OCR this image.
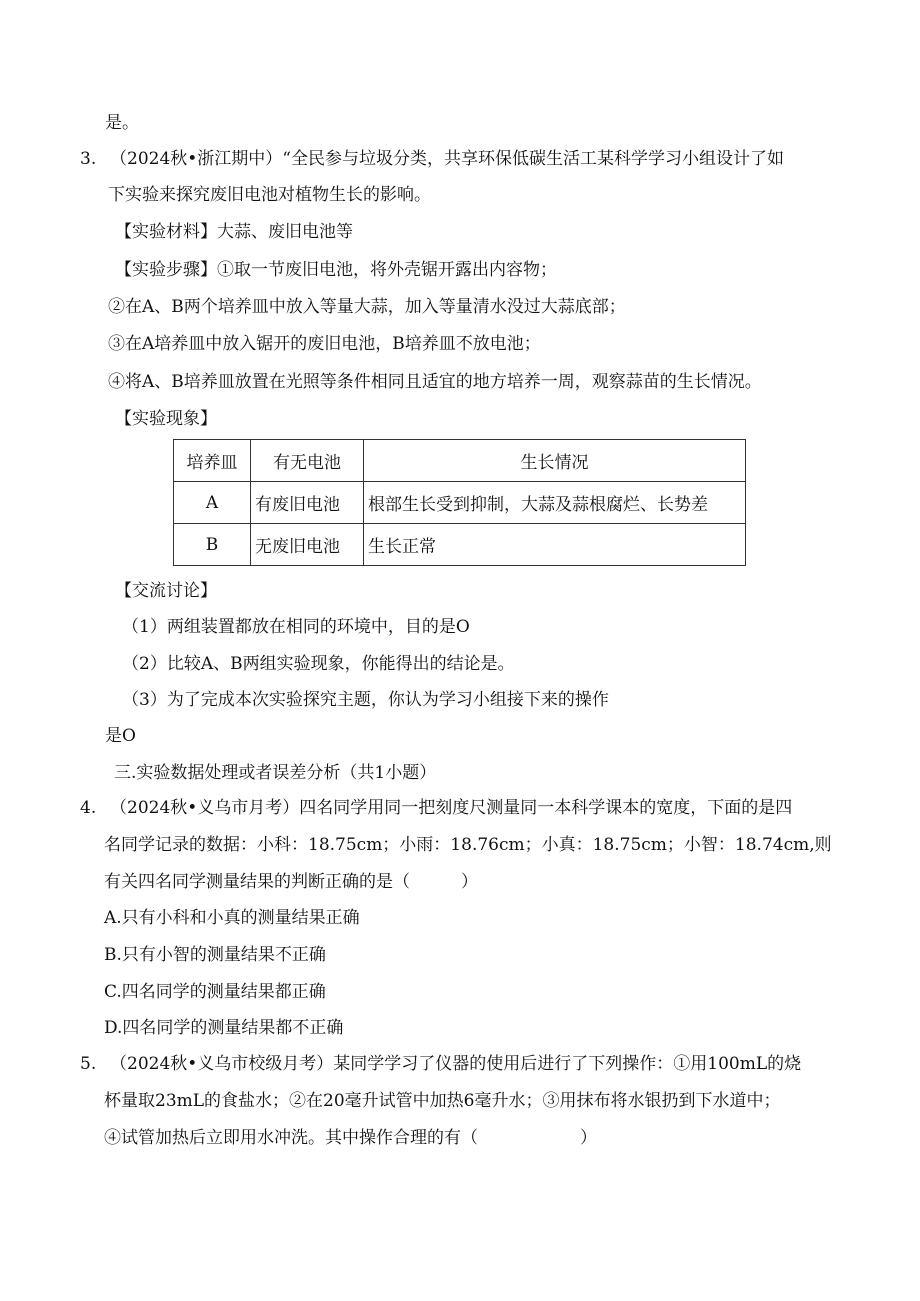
是。
3. （2024秋•浙江期中）“全民参与垃圾分类，共享环保低碳生活工某科学学习小组设计了如
下实验来探究废旧电池对植物生长的影响。
【实验材料】大蒜、废旧电池等
【实验步骤】①取一节废旧电池，将外壳锯开露出内容物；
②在A、B两个培养皿中放入等量大蒜，加入等量清水没过大蒜底部；
③在A培养皿中放入锯开的废旧电池，B培养皿不放电池；
④将A、B培养皿放置在光照等条件相同且适宜的地方培养一周，观察蒜苗的生长情况。
【实验现象】
培养皿	有无电池	生长情况
A	有废旧电池	根部生长受到抑制，大蒜及蒜根腐烂、长势差
B	无废旧电池	生长正常
【交流讨论】
（1）两组装置都放在相同的环境中，目的是O
（2）比较A、B两组实验现象，你能得出的结论是。
（3）为了完成本次实验探究主题，你认为学习小组接下来的操作
是O
三.实验数据处理或者误差分析（共1小题）
4. （2024秋•义乌市月考）四名同学用同一把刻度尺测量同一本科学课本的宽度，下面的是四
名同学记录的数据：小科：18.75cm；小雨：18.76cm；小真：18.75cm；小智：18.74cm,则
有关四名同学测量结果的判断正确的是（　　　）
A.只有小科和小真的测量结果正确
B.只有小智的测量结果不正确
C.四名同学的测量结果都正确
D.四名同学的测量结果都不正确
5. （2024秋•义乌市校级月考）某同学学习了仪器的使用后进行了下列操作：①用100mL的烧
杯量取23mL的食盐水；②在20毫升试管中加热6毫升水；③用抹布将水银扔到下水道中；
④试管加热后立即用水冲洗。其中操作合理的有（　　　　　　）
